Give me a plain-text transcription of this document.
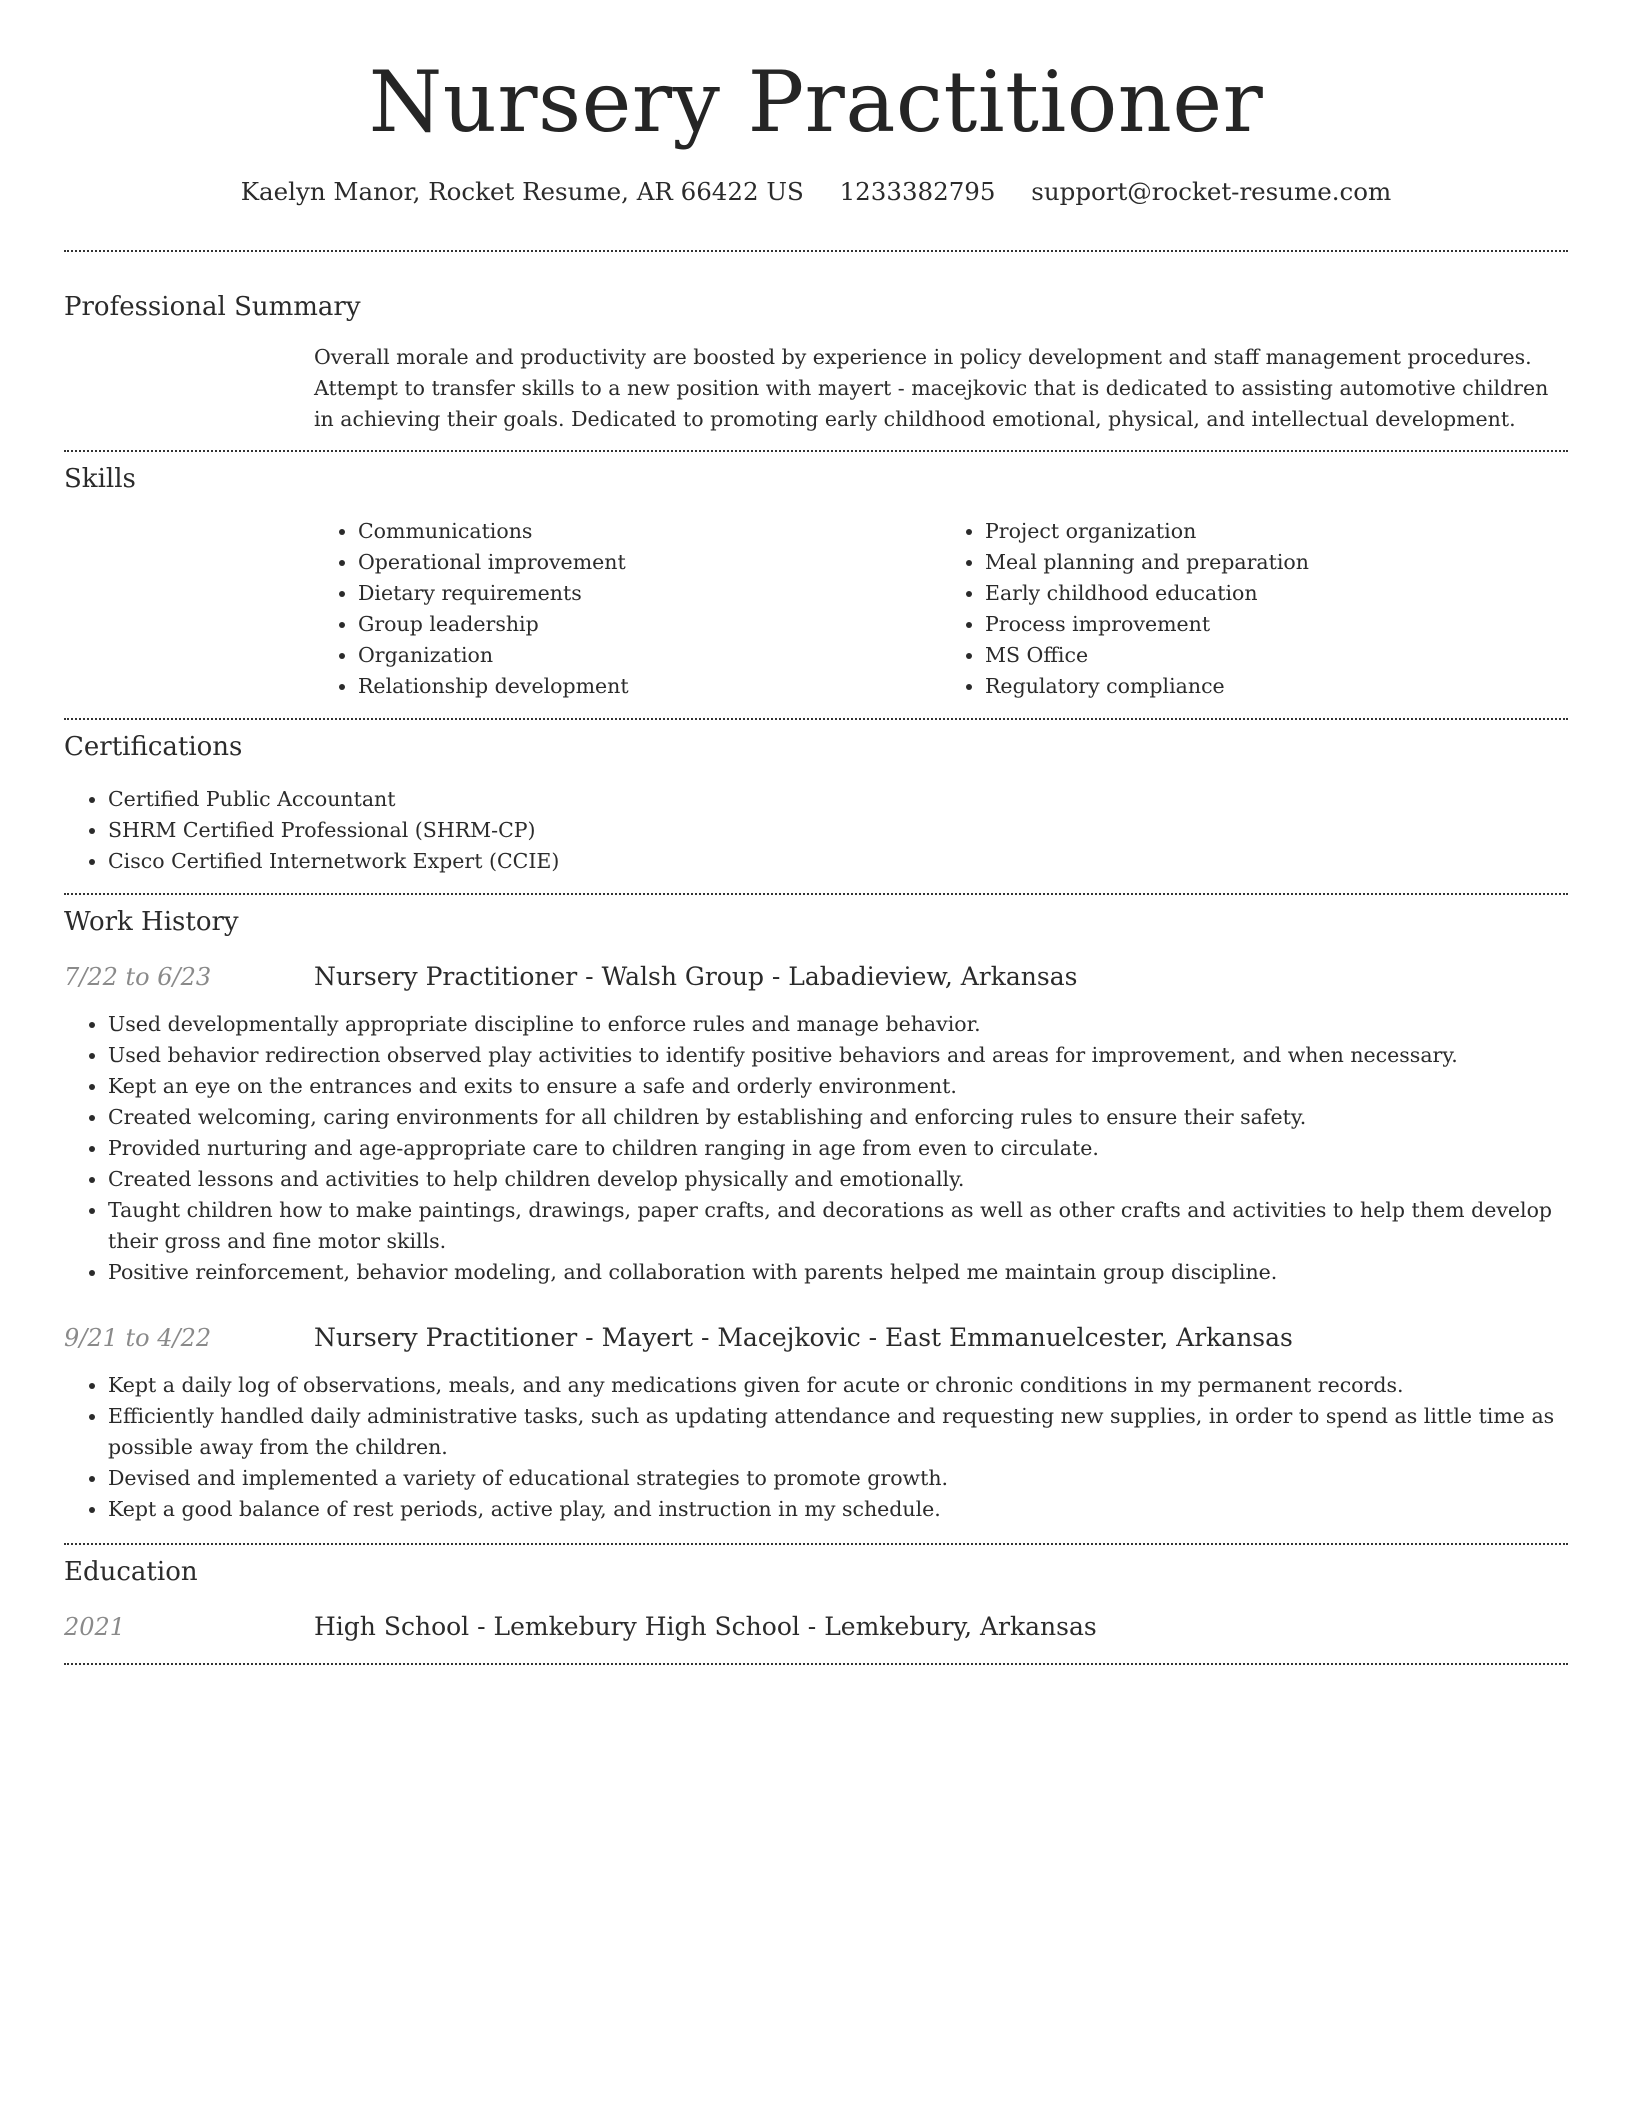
Nursery Practitioner
Kaelyn Manor, Rocket Resume, AR 66422 US 1233382795 support@rocket-resume.com
Professional Summary

Overall morale and productivity are boosted by experience in policy development and staff management procedures. Attempt to transfer skills to a new position with mayert - macejkovic that is dedicated to assisting automotive children in achieving their goals. Dedicated to promoting early childhood emotional, physical, and intellectual development.

Skills
• Communications
• Operational improvement
• Dietary requirements
• Group leadership
• Organization
• Relationship development
• Project organization
• Meal planning and preparation
• Early childhood education
• Process improvement
• MS Office
• Regulatory compliance
Certifications
• Certified Public Accountant
• SHRM Certified Professional (SHRM-CP)
• Cisco Certified Internetwork Expert (CCIE)
Work History
7/22 to 6/23	Nursery Practitioner - Walsh Group - Labadieview, Arkansas
• Used developmentally appropriate discipline to enforce rules and manage behavior.
• Used behavior redirection observed play activities to identify positive behaviors and areas for improvement, and when necessary.
• Kept an eye on the entrances and exits to ensure a safe and orderly environment.
• Created welcoming, caring environments for all children by establishing and enforcing rules to ensure their safety.
• Provided nurturing and age-appropriate care to children ranging in age from even to circulate.
• Created lessons and activities to help children develop physically and emotionally.
• Taught children how to make paintings, drawings, paper crafts, and decorations as well as other crafts and activities to help them develop their gross and fine motor skills.
• Positive reinforcement, behavior modeling, and collaboration with parents helped me maintain group discipline.
9/21 to 4/22	Nursery Practitioner - Mayert - Macejkovic - East Emmanuelcester, Arkansas
• Kept a daily log of observations, meals, and any medications given for acute or chronic conditions in my permanent records.
• Efficiently handled daily administrative tasks, such as updating attendance and requesting new supplies, in order to spend as little time as possible away from the children.
• Devised and implemented a variety of educational strategies to promote growth.
• Kept a good balance of rest periods, active play, and instruction in my schedule.
Education
2021	High School - Lemkebury High School - Lemkebury, Arkansas
